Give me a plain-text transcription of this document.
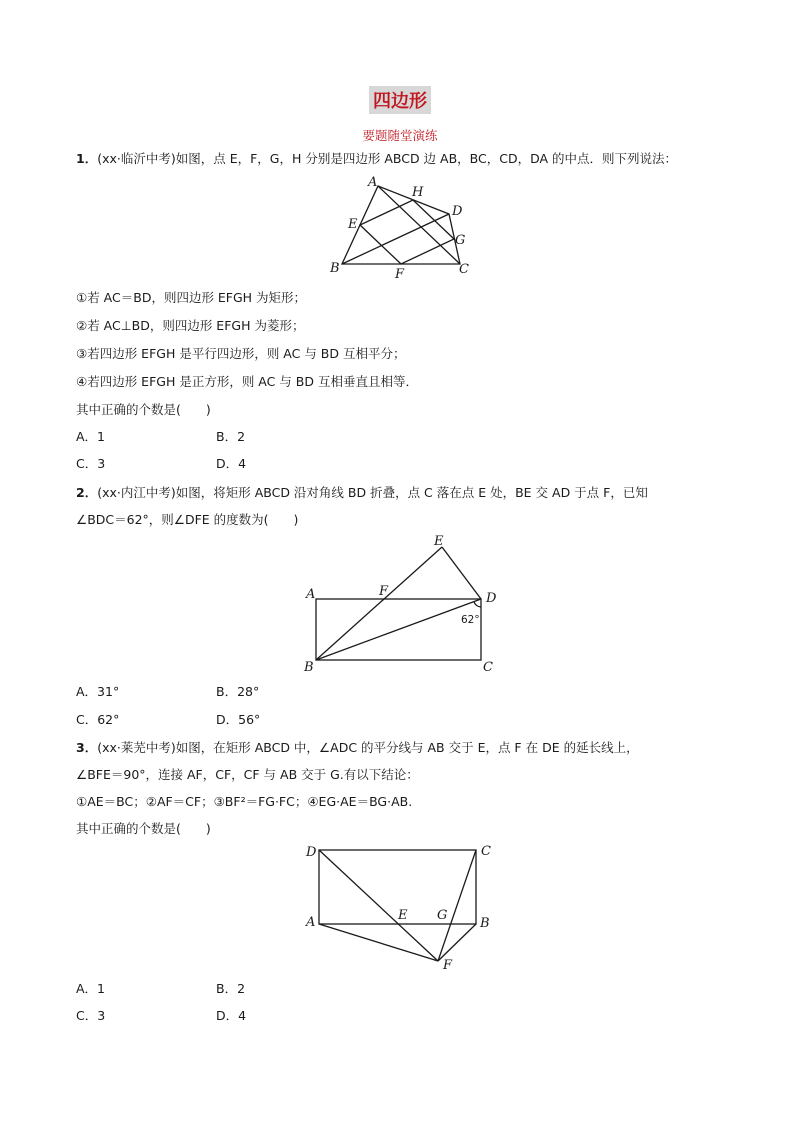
四边形
要题随堂演练
1．(xx·临沂中考)如图，点 E，F，G，H 分别是四边形 ABCD 边 AB，BC，CD，DA 的中点．则下列说法：
A
H
D
E
G
B	F	C
①若 AC＝BD，则四边形 EFGH 为矩形；
②若 AC⊥BD，则四边形 EFGH 为菱形；
③若四边形 EFGH 是平行四边形，则 AC 与 BD 互相平分；
④若四边形 EFGH 是正方形，则 AC 与 BD 互相垂直且相等．
其中正确的个数是(　　)
A．1	B．2
C．3	D．4
2．(xx·内江中考)如图，将矩形 ABCD 沿对角线 BD 折叠，点 C 落在点 E 处，BE 交 AD 于点 F，已知
∠BDC＝62°，则∠DFE 的度数为(　　)
E
A	F	D
62°
B	C
A．31°	B．28°
C．62°	D．56°
3．(xx·莱芜中考)如图，在矩形 ABCD 中，∠ADC 的平分线与 AB 交于 E，点 F 在 DE 的延长线上，
∠BFE＝90°，连接 AF，CF，CF 与 AB 交于 G.有以下结论：
①AE＝BC；②AF＝CF；③BF²＝FG·FC；④EG·AE＝BG·AB.
其中正确的个数是(　　)
D	C
A	E G
B
F
A．1	B．2
C．3	D．4
